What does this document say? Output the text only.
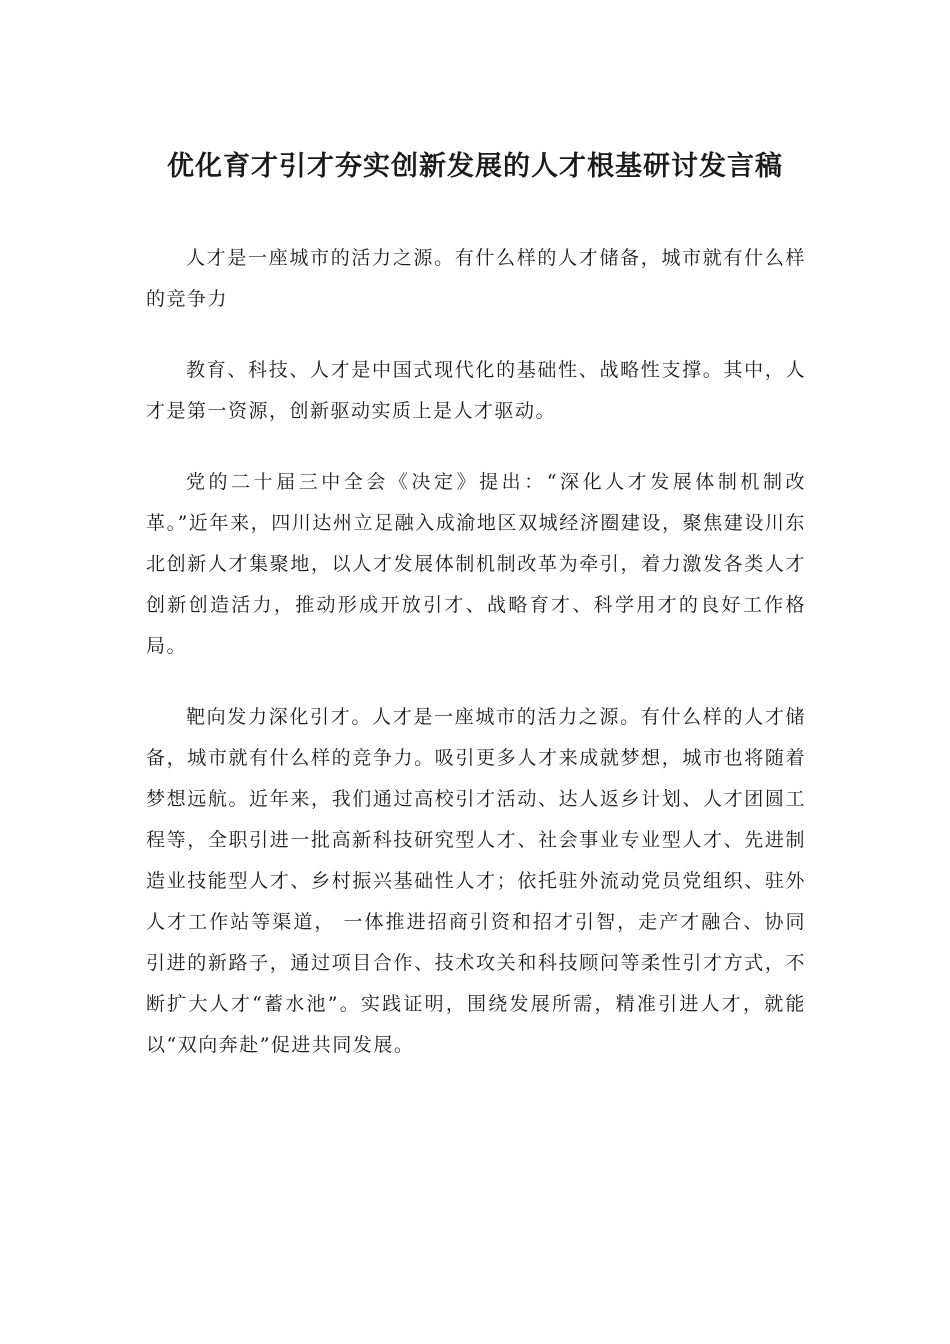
优化育才引才夯实创新发展的人才根基研讨发言稿

人才是一座城市的活力之源。有什么样的人才储备，城市就有什么样的竞争力

教育、科技、人才是中国式现代化的基础性、战略性支撑。其中，人才是第一资源，创新驱动实质上是人才驱动。

党的二十届三中全会《决定》提出：“深化人才发展体制机制改革。”近年来，四川达州立足融入成渝地区双城经济圈建设，聚焦建设川东北创新人才集聚地，以人才发展体制机制改革为牵引，着力激发各类人才创新创造活力，推动形成开放引才、战略育才、科学用才的良好工作格局。

靶向发力深化引才。人才是一座城市的活力之源。有什么样的人才储备，城市就有什么样的竞争力。吸引更多人才来成就梦想，城市也将随着梦想远航。近年来，我们通过高校引才活动、达人返乡计划、人才团圆工程等，全职引进一批高新科技研究型人才、社会事业专业型人才、先进制造业技能型人才、乡村振兴基础性人才；依托驻外流动党员党组织、驻外人才工作站等渠道， 一体推进招商引资和招才引智，走产才融合、协同引进的新路子，通过项目合作、技术攻关和科技顾问等柔性引才方式，不断扩大人才“蓄水池”。实践证明，围绕发展所需，精准引进人才，就能以“双向奔赴”促进共同发展。
